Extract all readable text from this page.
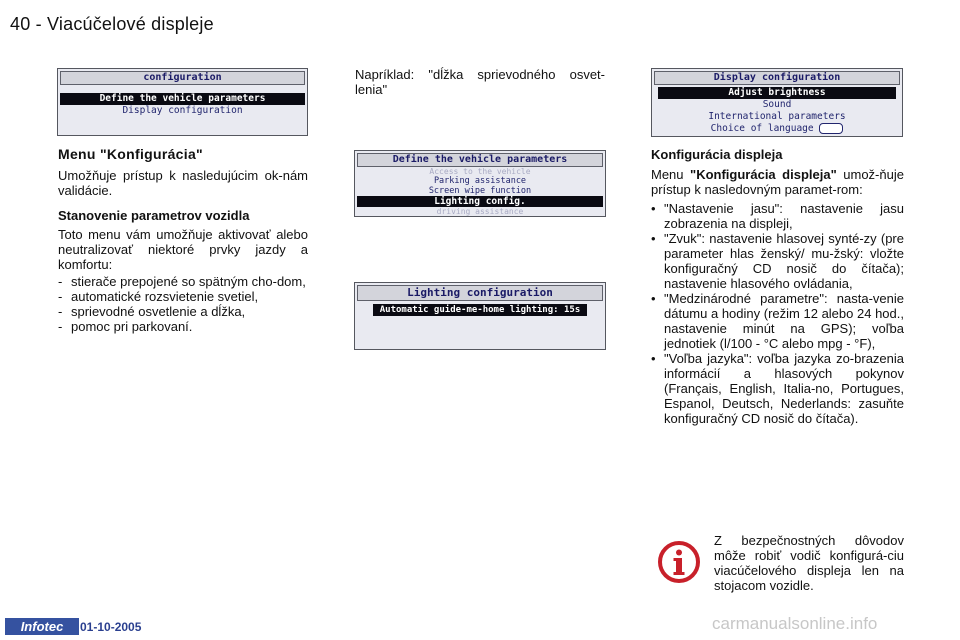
40 - Viacúčelové displeje
configuration
Define the vehicle parameters
Display configuration
Menu "Konfigurácia"

Umožňuje prístup k nasledujúcim ok-nám validácie.

Stanovenie parametrov vozidla

Toto menu vám umožňuje aktivovať alebo neutralizovať niektoré prvky jazdy a komfortu:

- stierače prepojené so spätným cho-dom,
- automatické rozsvietenie svetiel,
- sprievodné osvetlenie a dĺžka,
- pomoc pri parkovaní.

Napríklad: "dĺžka sprievodného osvet-lenia"

Define the vehicle parameters
Access to the vehicle
Parking assistance
Screen wipe function
Lighting config.
driving assistance
Lighting configuration
Automatic guide-me-home lighting: 15s
Display configuration
Adjust brightness
Sound
International parameters
Choice of language
Konfigurácia displeja

Menu "Konfigurácia displeja" umož-ňuje prístup k nasledovným paramet-rom:

• "Nastavenie jasu": nastavenie jasu zobrazenia na displeji,
• "Zvuk": nastavenie hlasovej synté-zy (pre parameter hlas ženský/ mu-žský: vložte konfiguračný CD nosič do čítača); nastavenie hlasového ovládania,
• "Medzinárodné parametre": nasta-venie dátumu a hodiny (režim 12 alebo 24 hod., nastavenie minút na GPS); voľba jednotiek (l/100 - °C alebo mpg - °F),
• "Voľba jazyka": voľba jazyka zo-brazenia informácií a hlasových pokynov (Français, English, Italia-no, Portugues, Espanol, Deutsch, Nederlands: zasuňte konfiguračný CD nosič do čítača).

Z bezpečnostných dôvodov môže robiť vodič konfigurá-ciu viacúčelového displeja len na stojacom vozidle.

Infotec	01-10-2005	carmanualsonline.info
